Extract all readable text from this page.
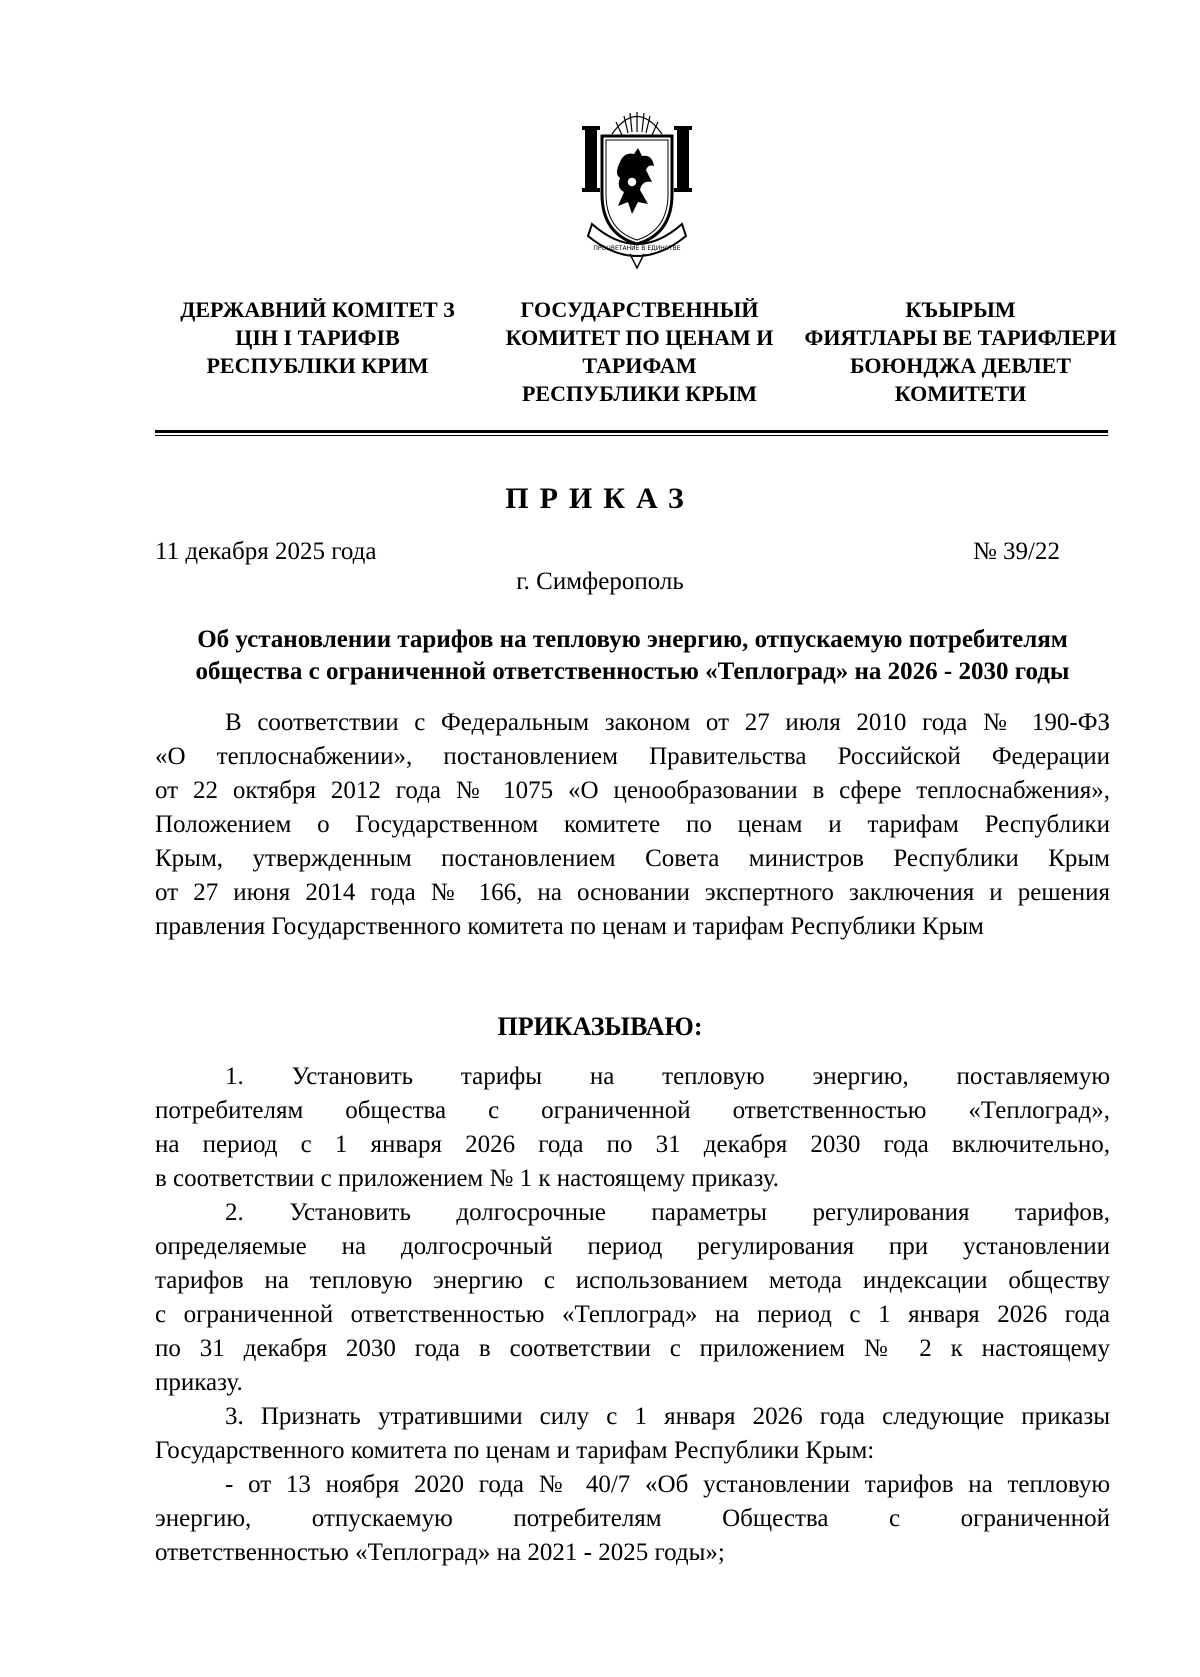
ПРОЦВЕТАНИЕ В ЕДИНСТВЕ
ДЕРЖАВНИЙ КОМІТЕТ З
ЦІН І ТАРИФІВ
РЕСПУБЛІКИ КРИМ
ГОСУДАРСТВЕННЫЙ
КОМИТЕТ ПО ЦЕНАМ И
ТАРИФАМ
РЕСПУБЛИКИ КРЫМ
КЪЫРЫМ
ФИЯТЛАРЫ ВЕ ТАРИФЛЕРИ
БОЮНДЖА ДЕВЛЕТ
КОМИТЕТИ
ПРИКАЗ
11 декабря 2025 года	№ 39/22
г. Симферополь
Об установлении тарифов на тепловую энергию, отпускаемую потребителям
общества с ограниченной ответственностью «Теплоград» на 2026 - 2030 годы
В соответствии с Федеральным законом от 27 июля 2010 года № 190-ФЗ
«О теплоснабжении», постановлением Правительства Российской Федерации
от 22 октября 2012 года № 1075 «О ценообразовании в сфере теплоснабжения»,
Положением о Государственном комитете по ценам и тарифам Республики
Крым, утвержденным постановлением Совета министров Республики Крым
от 27 июня 2014 года № 166, на основании экспертного заключения и решения
правления Государственного комитета по ценам и тарифам Республики Крым
ПРИКАЗЫВАЮ:
1. Установить тарифы на тепловую энергию, поставляемую
потребителям общества с ограниченной ответственностью «Теплоград»,
на период с 1 января 2026 года по 31 декабря 2030 года включительно,
в соответствии с приложением № 1 к настоящему приказу.
2. Установить долгосрочные параметры регулирования тарифов,
определяемые на долгосрочный период регулирования при установлении
тарифов на тепловую энергию с использованием метода индексации обществу
с ограниченной ответственностью «Теплоград» на период с 1 января 2026 года
по 31 декабря 2030 года в соответствии с приложением № 2 к настоящему
приказу.
3. Признать утратившими силу с 1 января 2026 года следующие приказы
Государственного комитета по ценам и тарифам Республики Крым:
- от 13 ноября 2020 года № 40/7 «Об установлении тарифов на тепловую
энергию, отпускаемую потребителям Общества с ограниченной
ответственностью «Теплоград» на 2021 - 2025 годы»;
